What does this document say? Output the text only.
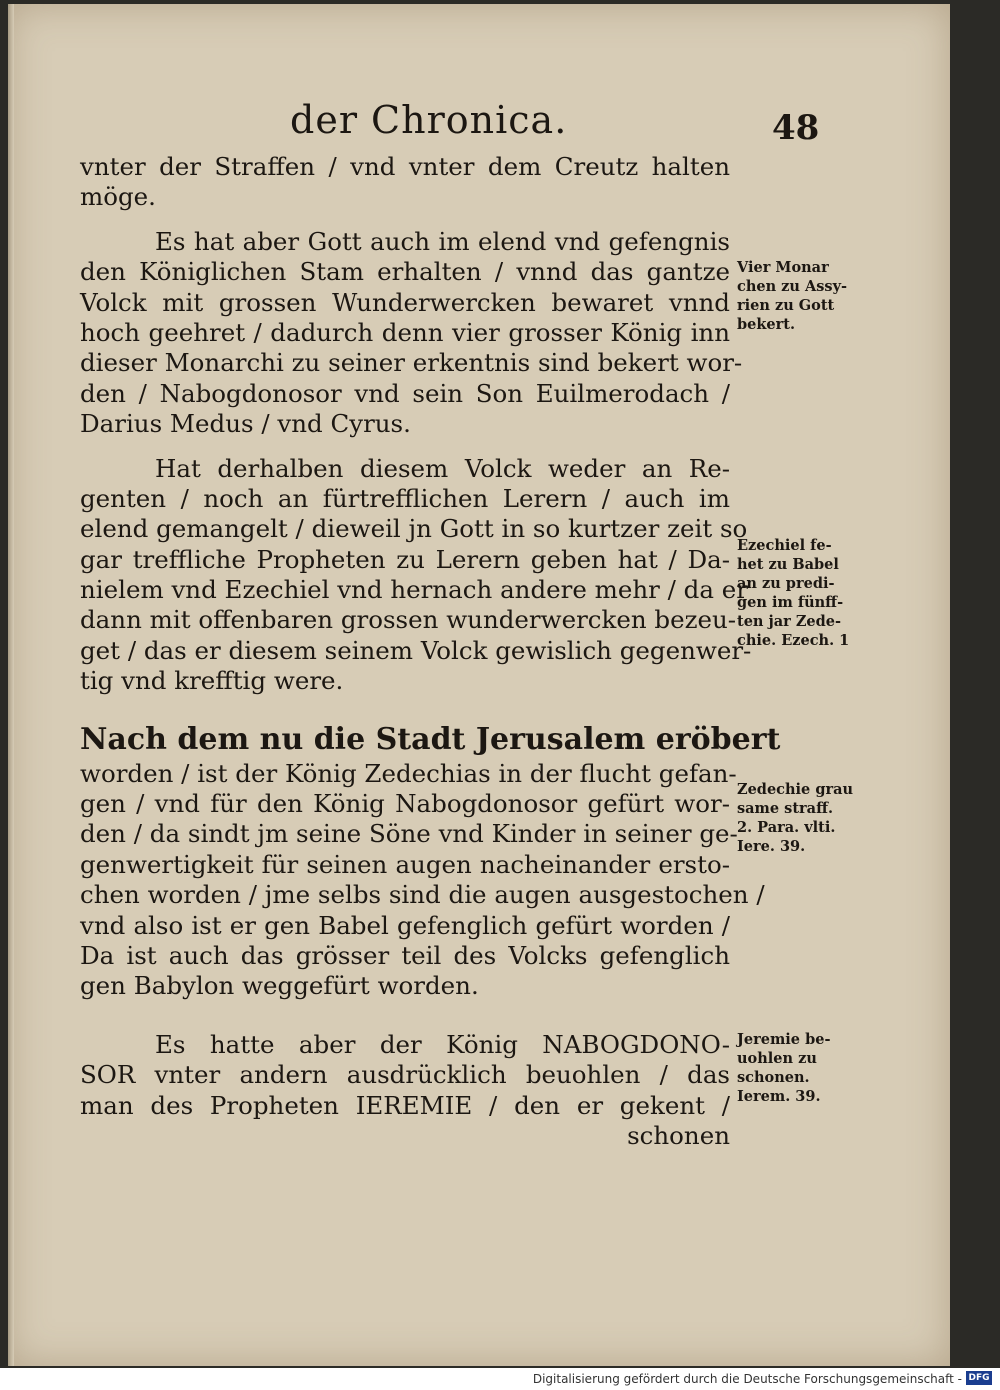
der Chronica.	48
vnter der Straffen / vnd vnter dem Creutz halten
möge.
Es hat aber Gott auch im elend vnd gefengnis
den Königlichen Stam erhalten / vnnd das gantze
Volck mit grossen Wunderwercken bewaret vnnd
hoch geehret / dadurch denn vier grosser König inn
dieser Monarchi zu seiner erkentnis sind bekert wor-
den / Nabogdonosor vnd sein Son Euilmerodach /
Darius Medus / vnd Cyrus.
Hat derhalben diesem Volck weder an Re-
genten / noch an fürtrefflichen Lerern / auch im
elend gemangelt / dieweil jn Gott in so kurtzer zeit so
gar treffliche Propheten zu Lerern geben hat / Da-
nielem vnd Ezechiel vnd hernach andere mehr / da er
dann mit offenbaren grossen wunderwercken bezeu-
get / das er diesem seinem Volck gewislich gegenwer-
tig vnd krefftig were.
Nach dem nu die Stadt Jerusalem eröbert
worden / ist der König Zedechias in der flucht gefan-
gen / vnd für den König Nabogdonosor gefürt wor-
den / da sindt jm seine Söne vnd Kinder in seiner ge-
genwertigkeit für seinen augen nacheinander ersto-
chen worden / jme selbs sind die augen ausgestochen /
vnd also ist er gen Babel gefenglich gefürt worden /
Da ist auch das grösser teil des Volcks gefenglich
gen Babylon weggefürt worden.
Es hatte aber der König NABOGDONO-
SOR vnter andern ausdrücklich beuohlen / das
man des Propheten IEREMIE / den er gekent /
schonen
Vier Monar
chen zu Assy-
rien zu Gott
bekert.
Ezechiel fe-
het zu Babel
an zu predi-
gen im fünff-
ten jar Zede-
chie. Ezech. 1
Zedechie grau
same straff.
2. Para. vlti.
Iere. 39.
Jeremie be-
uohlen zu
schonen.
Ierem. 39.
Digitalisierung gefördert durch die Deutsche Forschungsgemeinschaft - DFG
